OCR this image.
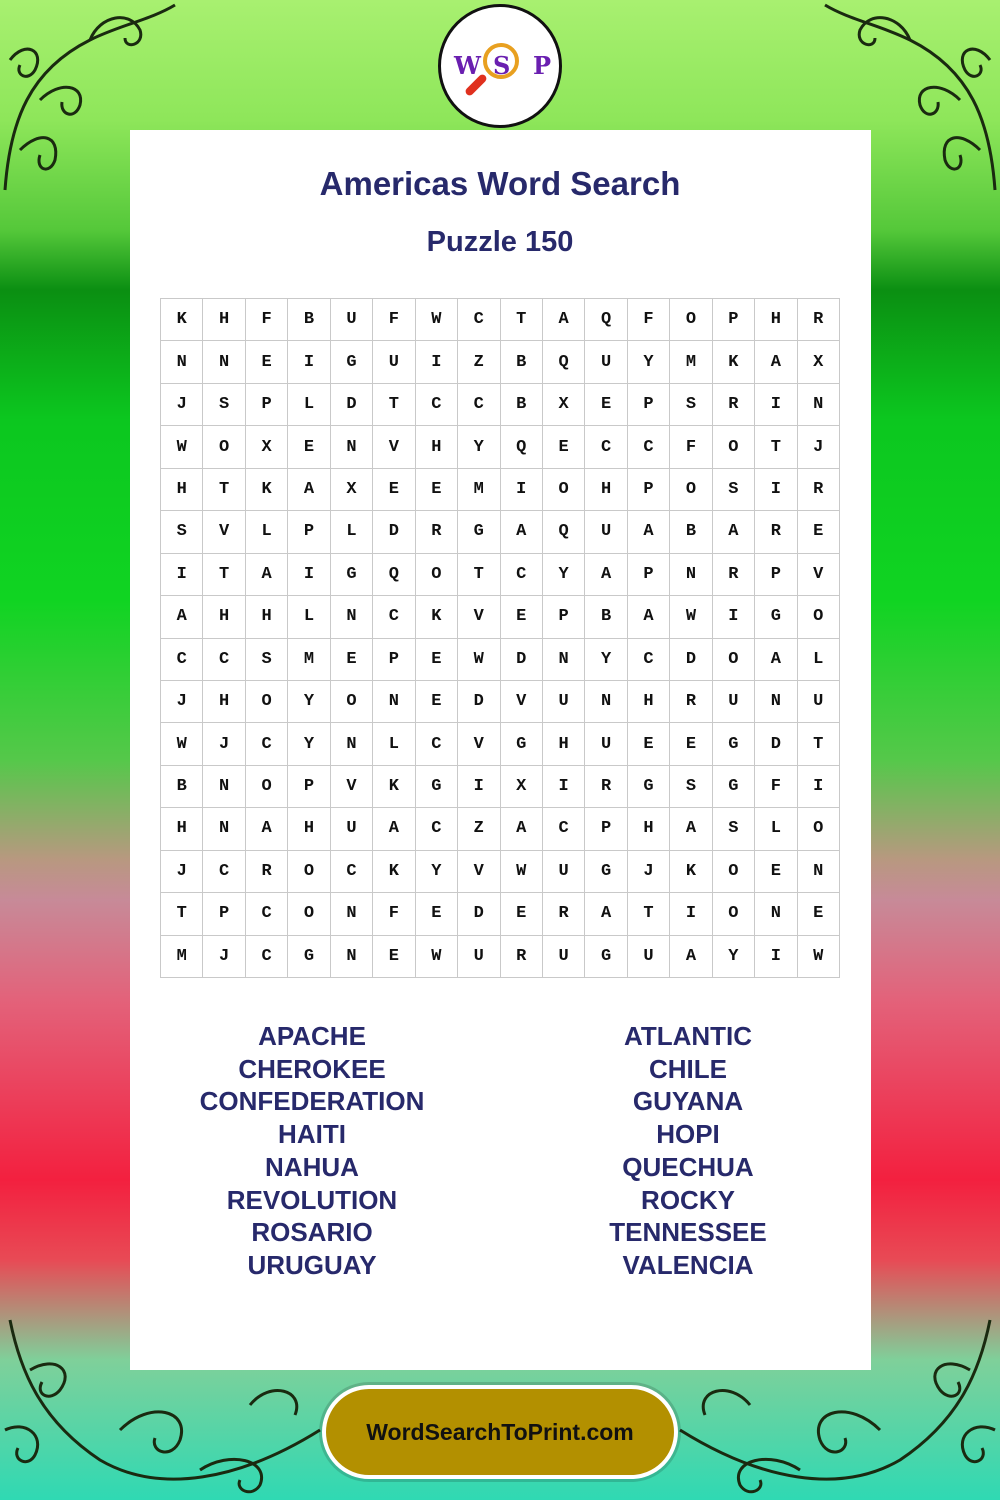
W S P
Americas Word Search
Puzzle 150
K	H	F	B	U	F	W	C	T	A	Q	F	O	P	H	R
N	N	E	I	G	U	I	Z	B	Q	U	Y	M	K	A	X
J	S	P	L	D	T	C	C	B	X	E	P	S	R	I	N
W	O	X	E	N	V	H	Y	Q	E	C	C	F	O	T	J
H	T	K	A	X	E	E	M	I	O	H	P	O	S	I	R
S	V	L	P	L	D	R	G	A	Q	U	A	B	A	R	E
I	T	A	I	G	Q	O	T	C	Y	A	P	N	R	P	V
A	H	H	L	N	C	K	V	E	P	B	A	W	I	G	O
C	C	S	M	E	P	E	W	D	N	Y	C	D	O	A	L
J	H	O	Y	O	N	E	D	V	U	N	H	R	U	N	U
W	J	C	Y	N	L	C	V	G	H	U	E	E	G	D	T
B	N	O	P	V	K	G	I	X	I	R	G	S	G	F	I
H	N	A	H	U	A	C	Z	A	C	P	H	A	S	L	O
J	C	R	O	C	K	Y	V	W	U	G	J	K	O	E	N
T	P	C	O	N	F	E	D	E	R	A	T	I	O	N	E
M	J	C	G	N	E	W	U	R	U	G	U	A	Y	I	W
APACHE
CHEROKEE
CONFEDERATION
HAITI
NAHUA
REVOLUTION
ROSARIO
URUGUAY
ATLANTIC
CHILE
GUYANA
HOPI
QUECHUA
ROCKY
TENNESSEE
VALENCIA
WordSearchToPrint.com
